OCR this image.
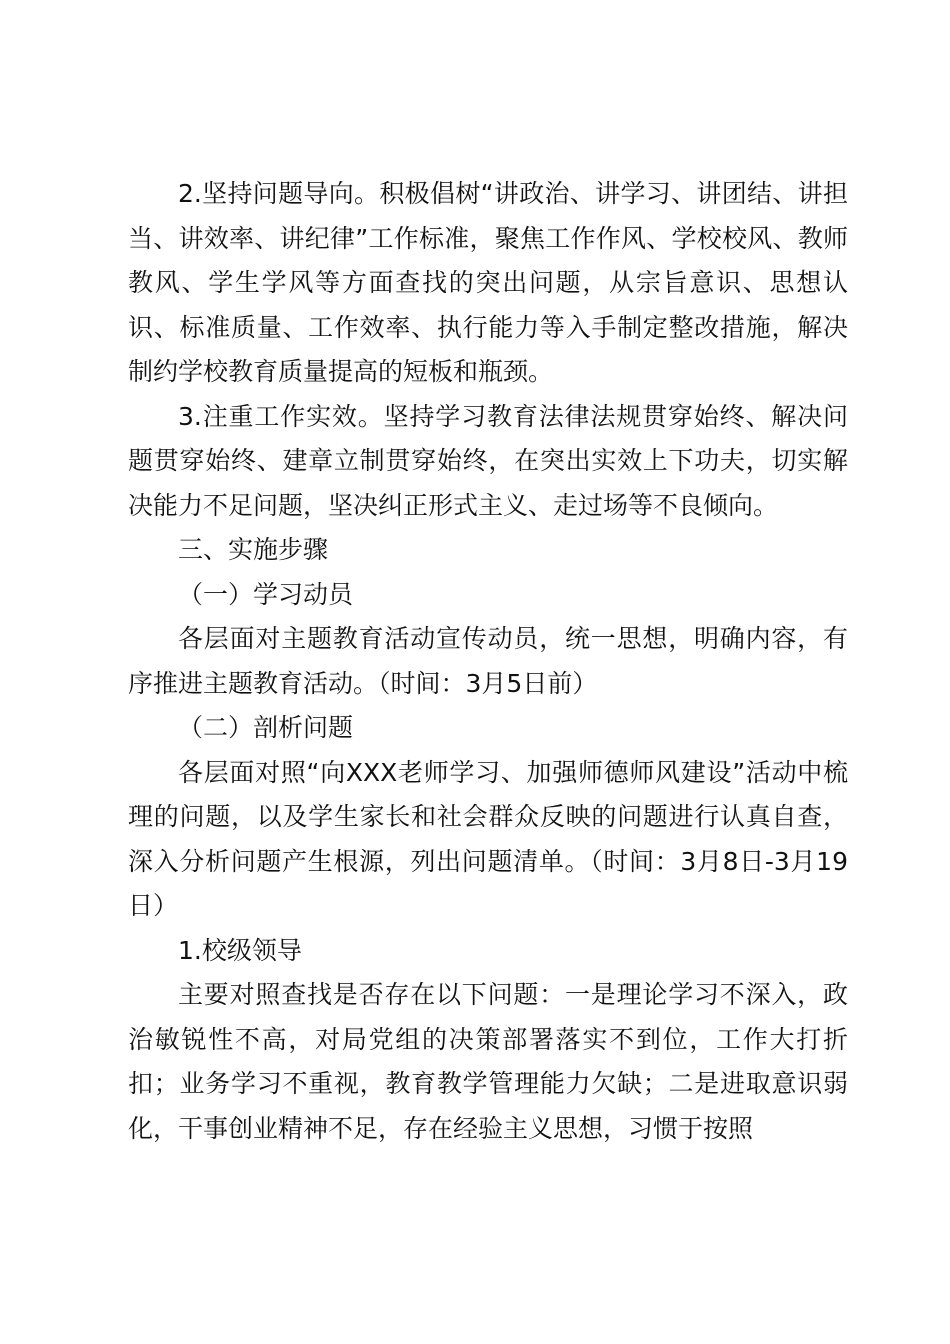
2.坚持问题导向。积极倡树“讲政治、讲学习、讲团结、讲担当、讲效率、讲纪律”工作标准，聚焦工作作风、学校校风、教师教风、学生学风等方面查找的突出问题，从宗旨意识、思想认识、标准质量、工作效率、执行能力等入手制定整改措施，解决制约学校教育质量提高的短板和瓶颈。

3.注重工作实效。坚持学习教育法律法规贯穿始终、解决问题贯穿始终、建章立制贯穿始终，在突出实效上下功夫，切实解决能力不足问题，坚决纠正形式主义、走过场等不良倾向。

三、实施步骤

（一）学习动员

各层面对主题教育活动宣传动员，统一思想，明确内容，有序推进主题教育活动。（时间：3月5日前）

（二）剖析问题

各层面对照“向XXX老师学习、加强师德师风建设”活动中梳理的问题，以及学生家长和社会群众反映的问题进行认真自查，深入分析问题产生根源，列出问题清单。（时间：3月8日-3月19日）

1.校级领导

主要对照查找是否存在以下问题：一是理论学习不深入，政治敏锐性不高，对局党组的决策部署落实不到位，工作大打折扣；业务学习不重视，教育教学管理能力欠缺；二是进取意识弱化，干事创业精神不足，存在经验主义思想，习惯于按照
